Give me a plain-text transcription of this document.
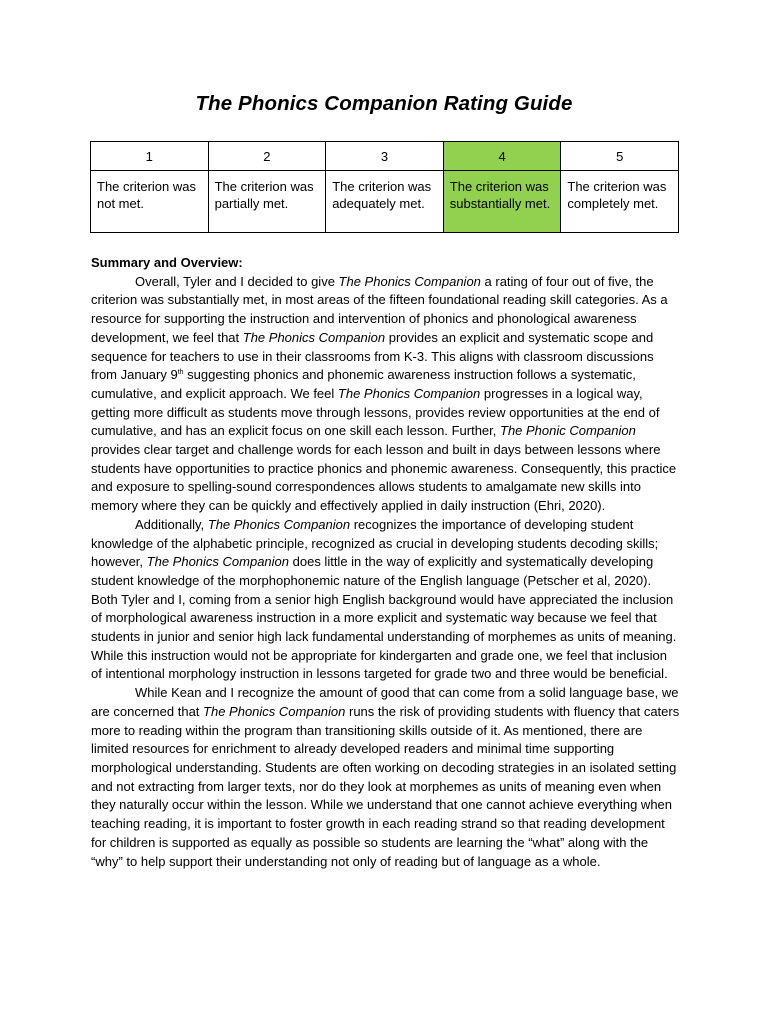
The Phonics Companion Rating Guide
1	2	3	4	5
The criterion was not met.	The criterion was partially met.	The criterion was adequately met.	The criterion was substantially met.	The criterion was completely met.

Summary and Overview:

Overall, Tyler and I decided to give The Phonics Companion a rating of four out of five, the criterion was substantially met, in most areas of the fifteen foundational reading skill categories. As a resource for supporting the instruction and intervention of phonics and phonological awareness development, we feel that The Phonics Companion provides an explicit and systematic scope and sequence for teachers to use in their classrooms from K-3. This aligns with classroom discussions from January 9th suggesting phonics and phonemic awareness instruction follows a systematic, cumulative, and explicit approach. We feel The Phonics Companion progresses in a logical way, getting more difficult as students move through lessons, provides review opportunities at the end of cumulative, and has an explicit focus on one skill each lesson. Further, The Phonic Companion provides clear target and challenge words for each lesson and built in days between lessons where students have opportunities to practice phonics and phonemic awareness. Consequently, this practice and exposure to spelling-sound correspondences allows students to amalgamate new skills into memory where they can be quickly and effectively applied in daily instruction (Ehri, 2020).

Additionally, The Phonics Companion recognizes the importance of developing student knowledge of the alphabetic principle, recognized as crucial in developing students decoding skills; however, The Phonics Companion does little in the way of explicitly and systematically developing student knowledge of the morphophonemic nature of the English language (Petscher et al, 2020). Both Tyler and I, coming from a senior high English background would have appreciated the inclusion of morphological awareness instruction in a more explicit and systematic way because we feel that students in junior and senior high lack fundamental understanding of morphemes as units of meaning. While this instruction would not be appropriate for kindergarten and grade one, we feel that inclusion of intentional morphology instruction in lessons targeted for grade two and three would be beneficial.

While Kean and I recognize the amount of good that can come from a solid language base, we are concerned that The Phonics Companion runs the risk of providing students with fluency that caters more to reading within the program than transitioning skills outside of it. As mentioned, there are limited resources for enrichment to already developed readers and minimal time supporting morphological understanding. Students are often working on decoding strategies in an isolated setting and not extracting from larger texts, nor do they look at morphemes as units of meaning even when they naturally occur within the lesson. While we understand that one cannot achieve everything when teaching reading, it is important to foster growth in each reading strand so that reading development for children is supported as equally as possible so students are learning the “what” along with the “why” to help support their understanding not only of reading but of language as a whole.
